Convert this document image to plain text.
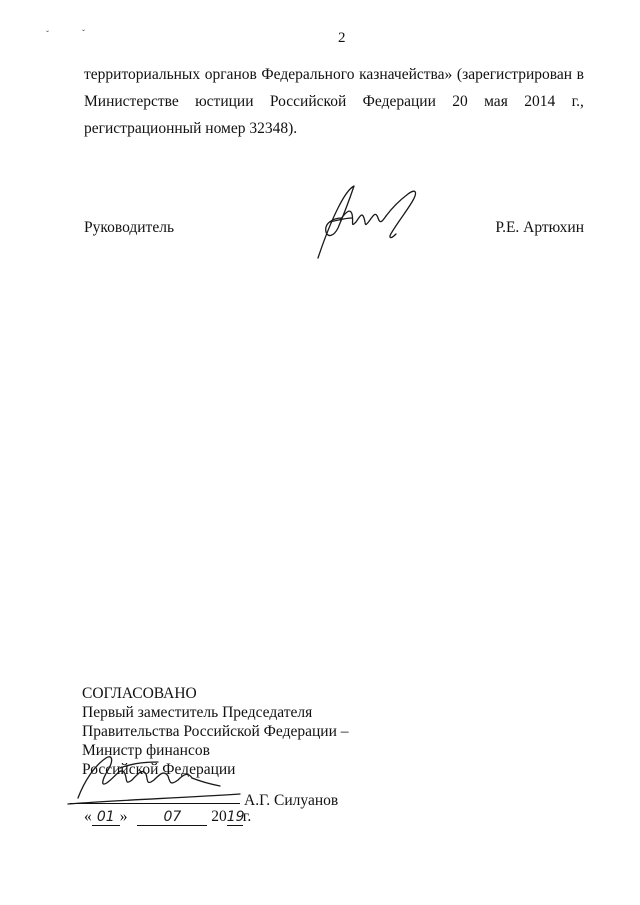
ˇ	ˇ	2
территориальных органов Федерального казначейства» (зарегистрирован в
Министерстве юстиции Российской Федерации 20 мая 2014 г.,
регистрационный номер 32348).
Руководитель	Р.Е. Артюхин
СОГЛАСОВАНО
Первый заместитель Председателя
Правительства Российской Федерации –
Министр финансов
Российской Федерации
А.Г. Силуанов
« 01 »	07 2019г.
